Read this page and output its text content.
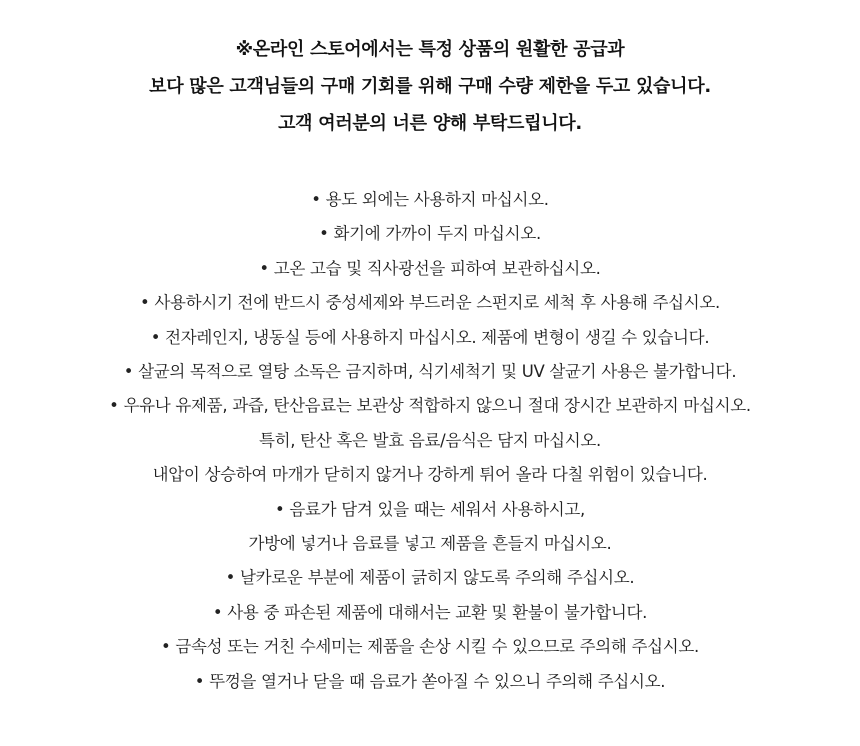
※온라인 스토어에서는 특정 상품의 원활한 공급과
보다 많은 고객님들의 구매 기회를 위해 구매 수량 제한을 두고 있습니다.
고객 여러분의 너른 양해 부탁드립니다.

• 용도 외에는 사용하지 마십시오.
• 화기에 가까이 두지 마십시오.
• 고온 고습 및 직사광선을 피하여 보관하십시오.
• 사용하시기 전에 반드시 중성세제와 부드러운 스펀지로 세척 후 사용해 주십시오.
• 전자레인지, 냉동실 등에 사용하지 마십시오. 제품에 변형이 생길 수 있습니다.
• 살균의 목적으로 열탕 소독은 금지하며, 식기세척기 및 UV 살균기 사용은 불가합니다.
• 우유나 유제품, 과즙, 탄산음료는 보관상 적합하지 않으니 절대 장시간 보관하지 마십시오.
특히, 탄산 혹은 발효 음료/음식은 담지 마십시오.
내압이 상승하여 마개가 닫히지 않거나 강하게 튀어 올라 다칠 위험이 있습니다.
• 음료가 담겨 있을 때는 세워서 사용하시고,
가방에 넣거나 음료를 넣고 제품을 흔들지 마십시오.
• 날카로운 부분에 제품이 긁히지 않도록 주의해 주십시오.
• 사용 중 파손된 제품에 대해서는 교환 및 환불이 불가합니다.
• 금속성 또는 거친 수세미는 제품을 손상 시킬 수 있으므로 주의해 주십시오.
• 뚜껑을 열거나 닫을 때 음료가 쏟아질 수 있으니 주의해 주십시오.
